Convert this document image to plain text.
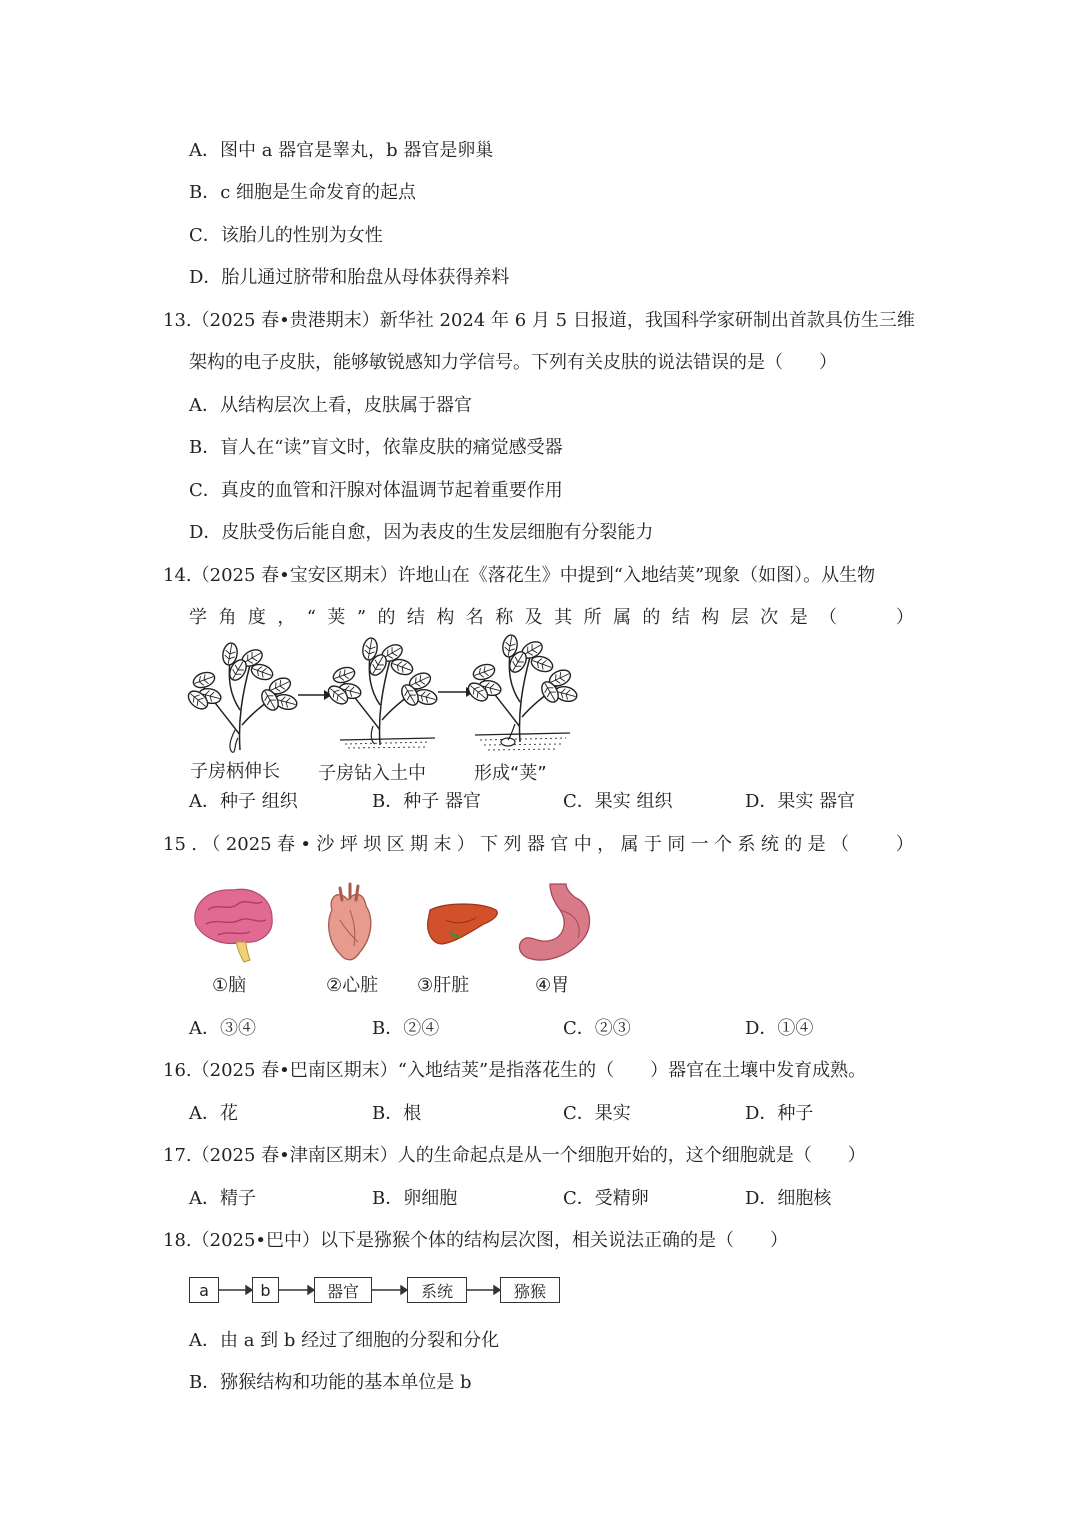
A．图中 a 器官是睾丸，b 器官是卵巢
B．c 细胞是生命发育的起点
C．该胎儿的性别为女性
D．胎儿通过脐带和胎盘从母体获得养料
13.（2025 春•贵港期末）新华社 2024 年 6 月 5 日报道，我国科学家研制出首款具仿生三维
架构的电子皮肤，能够敏锐感知力学信号。下列有关皮肤的说法错误的是（　　）
A．从结构层次上看，皮肤属于器官
B．盲人在“读”盲文时，依靠皮肤的痛觉感受器
C．真皮的血管和汗腺对体温调节起着重要作用
D．皮肤受伤后能自愈，因为表皮的生发层细胞有分裂能力
14.（2025 春•宝安区期末）许地山在《落花生》中提到“入地结荚”现象（如图）。从生物
学 角 度 ， “ 荚 ” 的 结 构 名 称 及 其 所 属 的 结 构 层 次 是 （
　　	）
子房柄伸长 子房钻入土中	形成“荚”
A．种子 组织	B．种子 器官	C．果实 组织	D．果实 器官
15 . （ 2025 春 • 沙 坪 坝 区 期 末 ） 下 列 器 官 中 ， 属 于 同 一 个 系 统 的 是 （
　　	）
①脑	②心脏 ③肝脏	④胃
A．③④	B．②④	C．②③	D．①④
16.（2025 春•巴南区期末）“入地结荚”是指落花生的（　　）器官在土壤中发育成熟。
A．花	B．根	C．果实	D．种子
17.（2025 春•津南区期末）人的生命起点是从一个细胞开始的，这个细胞就是（　　）
A．精子	B．卵细胞	C．受精卵	D．细胞核
18.（2025•巴中）以下是猕猴个体的结构层次图，相关说法正确的是（　　）
a	b	器官	系统	猕猴
A．由 a 到 b 经过了细胞的分裂和分化
B．猕猴结构和功能的基本单位是 b
